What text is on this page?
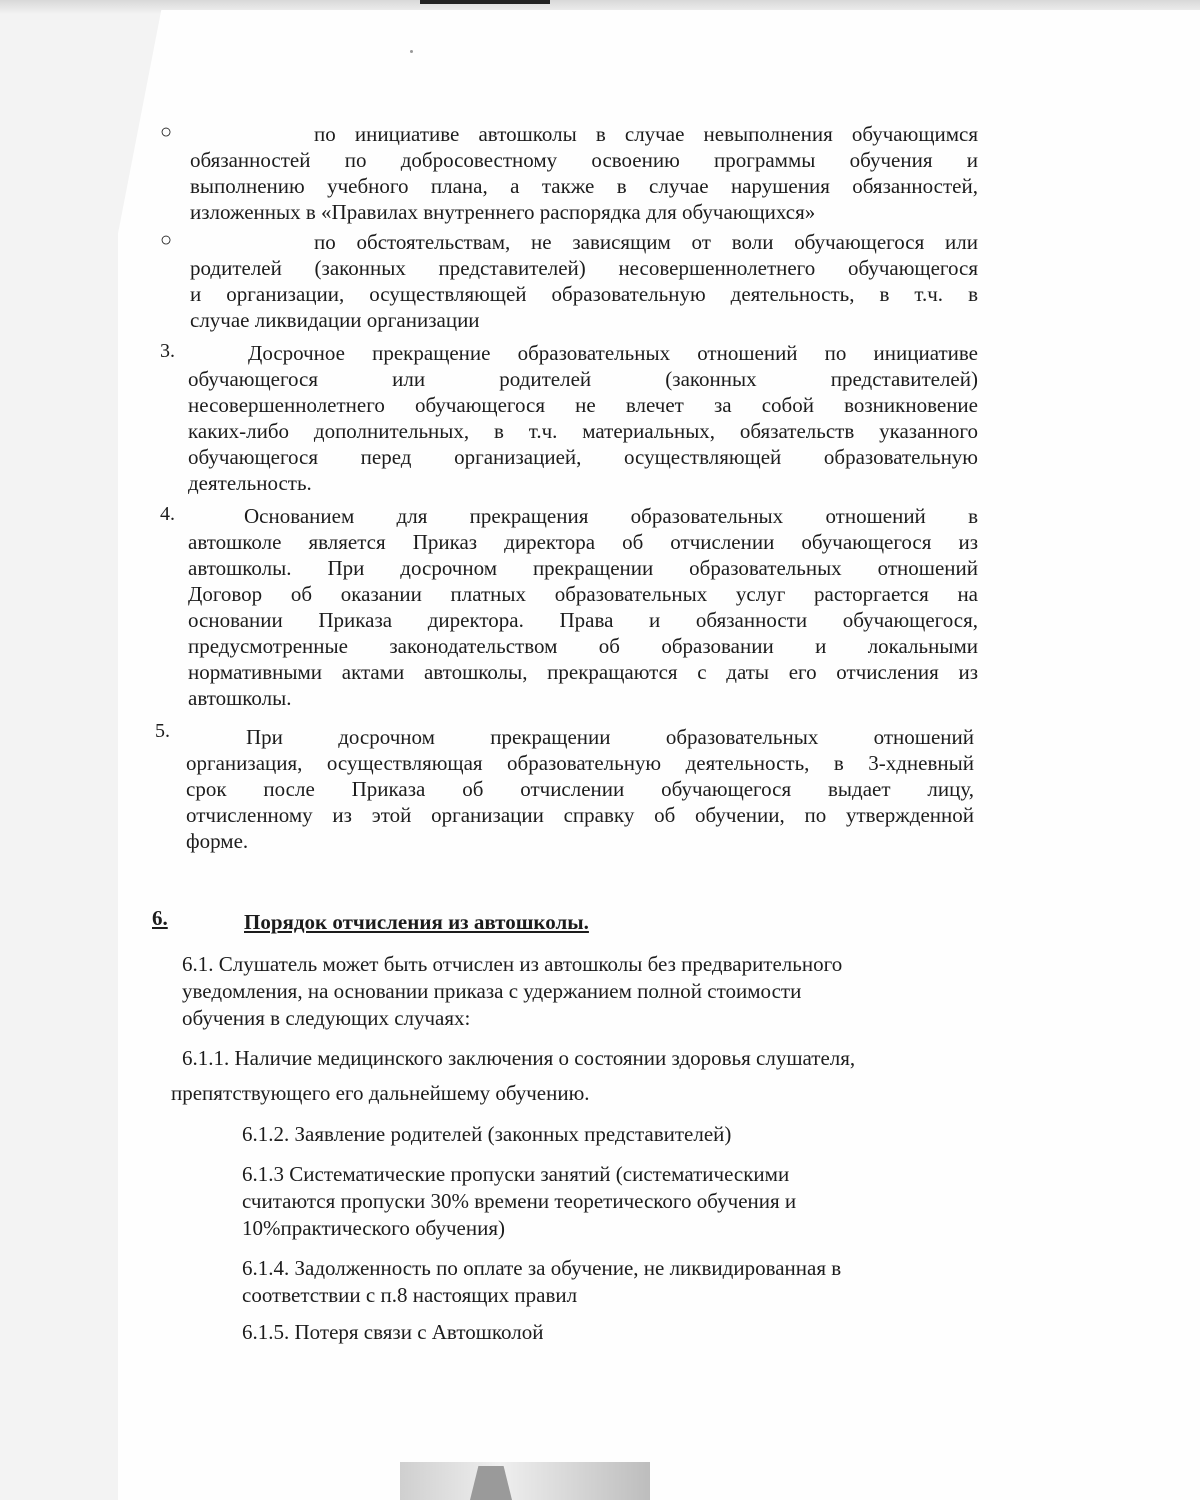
○	по инициативе автошколы в случае невыполнения обучающимся
обязанностей по добросовестному освоению программы обучения и
выполнению учебного плана, а также в случае нарушения обязанностей,
изложенных в «Правилах внутреннего распорядка для обучающихся»
○	по обстоятельствам, не зависящим от воли обучающегося или
родителей (законных представителей) несовершеннолетнего обучающегося
и организации, осуществляющей образовательную деятельность, в т.ч. в
случае ликвидации организации
3.	Досрочное прекращение образовательных отношений по инициативе
обучающегося или родителей (законных представителей)
несовершеннолетнего обучающегося не влечет за собой возникновение
каких-либо дополнительных, в т.ч. материальных, обязательств указанного
обучающегося перед организацией, осуществляющей образовательную
деятельность.
4.	Основанием для прекращения образовательных отношений в
автошколе является Приказ директора об отчислении обучающегося из
автошколы. При досрочном прекращении образовательных отношений
Договор об оказании платных образовательных услуг расторгается на
основании Приказа директора. Права и обязанности обучающегося,
предусмотренные законодательством об образовании и локальными
нормативными актами автошколы, прекращаются с даты его отчисления из
автошколы.
5.	При досрочном прекращении образовательных отношений
организация, осуществляющая образовательную деятельность, в 3-хдневный
срок после Приказа об отчислении обучающегося выдает лицу,
отчисленному из этой организации справку об обучении, по утвержденной
форме.
6.	Порядок отчисления из автошколы.
6.1. Слушатель может быть отчислен из автошколы без предварительного
уведомления, на основании приказа с удержанием полной стоимости
обучения в следующих случаях:
6.1.1. Наличие медицинского заключения о состоянии здоровья слушателя,
препятствующего его дальнейшему обучению.
6.1.2. Заявление родителей (законных представителей)
6.1.3 Систематические пропуски занятий (систематическими
считаются пропуски 30% времени теоретического обучения и
10%практического обучения)
6.1.4. Задолженность по оплате за обучение, не ликвидированная в
соответствии с п.8 настоящих правил
6.1.5. Потеря связи с Автошколой
